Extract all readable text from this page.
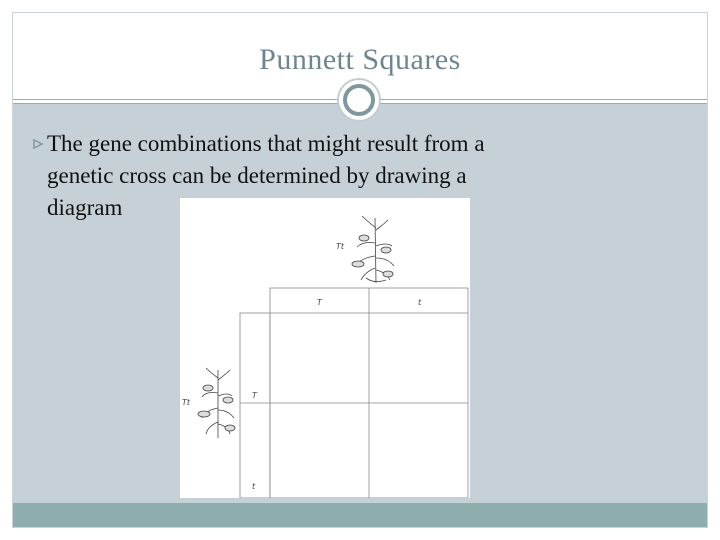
Punnett Squares
The gene combinations that might result from a
genetic cross can be determined by drawing a
diagram
Tt
Tt
T	t
T
t
